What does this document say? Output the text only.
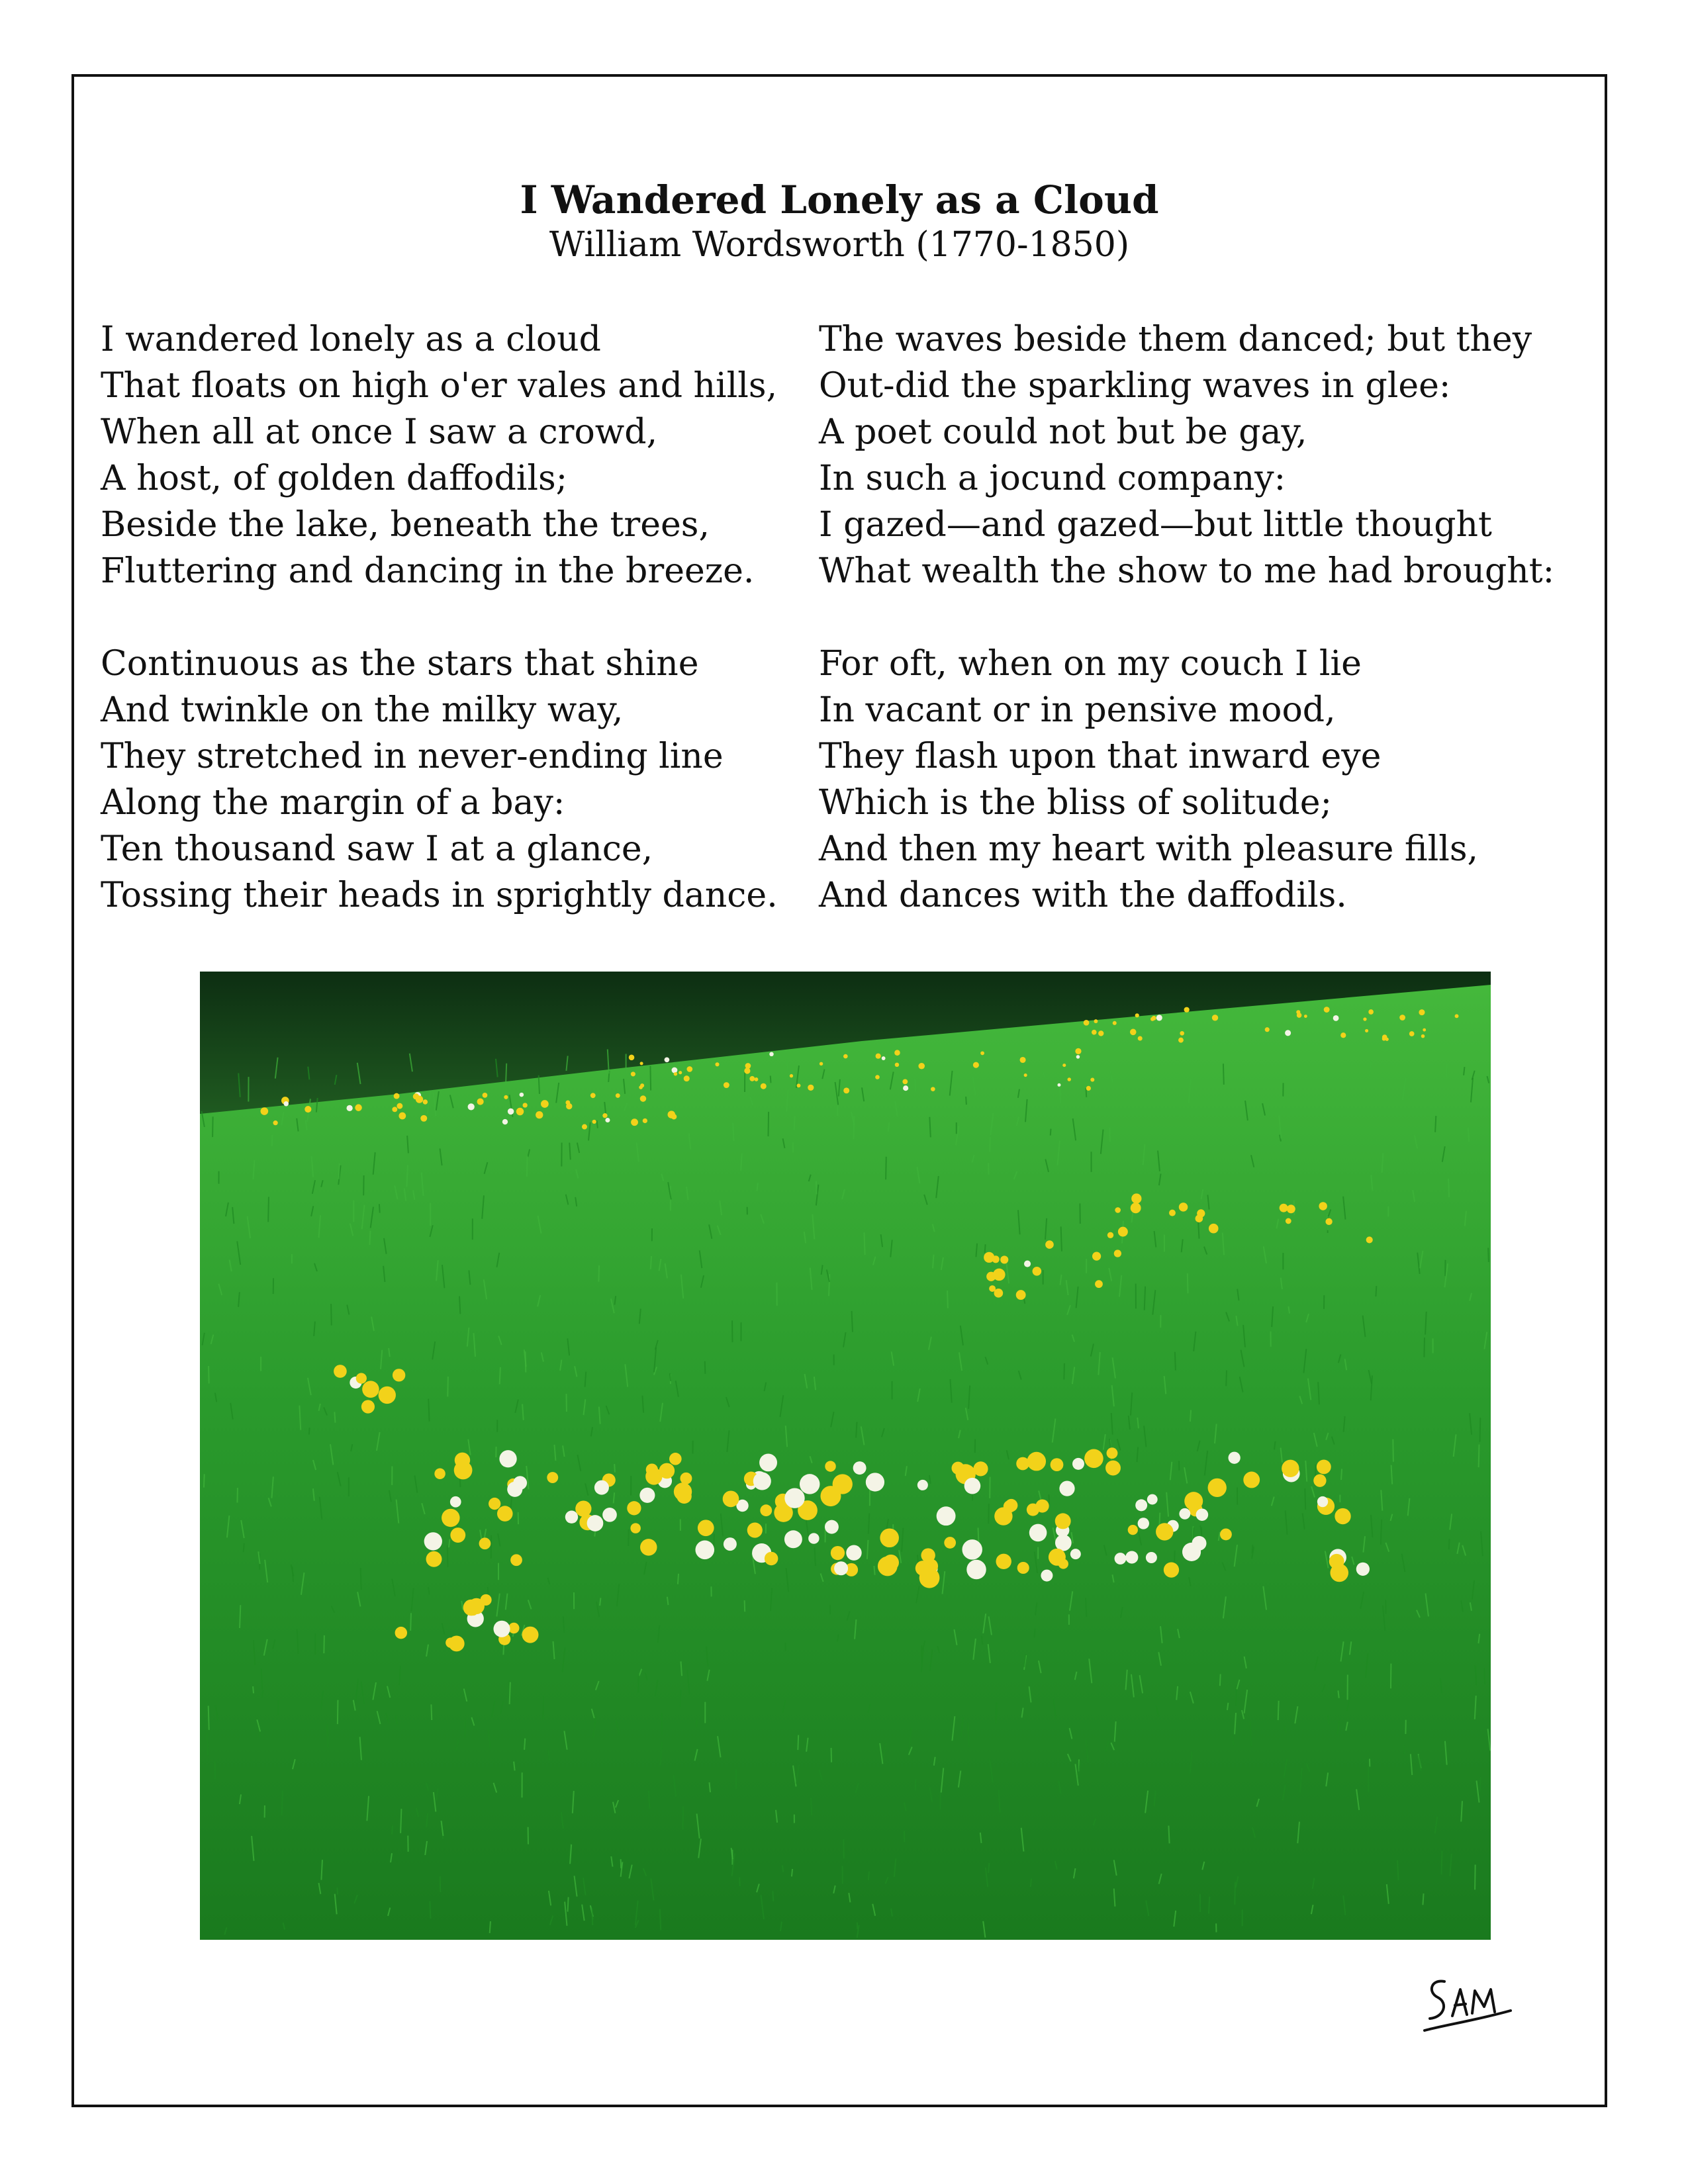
I Wandered Lonely as a Cloud
William Wordsworth (1770-1850)
I wandered lonely as a cloud
That floats on high o'er vales and hills,
When all at once I saw a crowd,
A host, of golden daffodils;
Beside the lake, beneath the trees,
Fluttering and dancing in the breeze.
Continuous as the stars that shine
And twinkle on the milky way,
They stretched in never-ending line
Along the margin of a bay:
Ten thousand saw I at a glance,
Tossing their heads in sprightly dance.
The waves beside them danced; but they
Out-did the sparkling waves in glee:
A poet could not but be gay,
In such a jocund company:
I gazed—and gazed—but little thought
What wealth the show to me had brought:
For oft, when on my couch I lie
In vacant or in pensive mood,
They flash upon that inward eye
Which is the bliss of solitude;
And then my heart with pleasure fills,
And dances with the daffodils.
